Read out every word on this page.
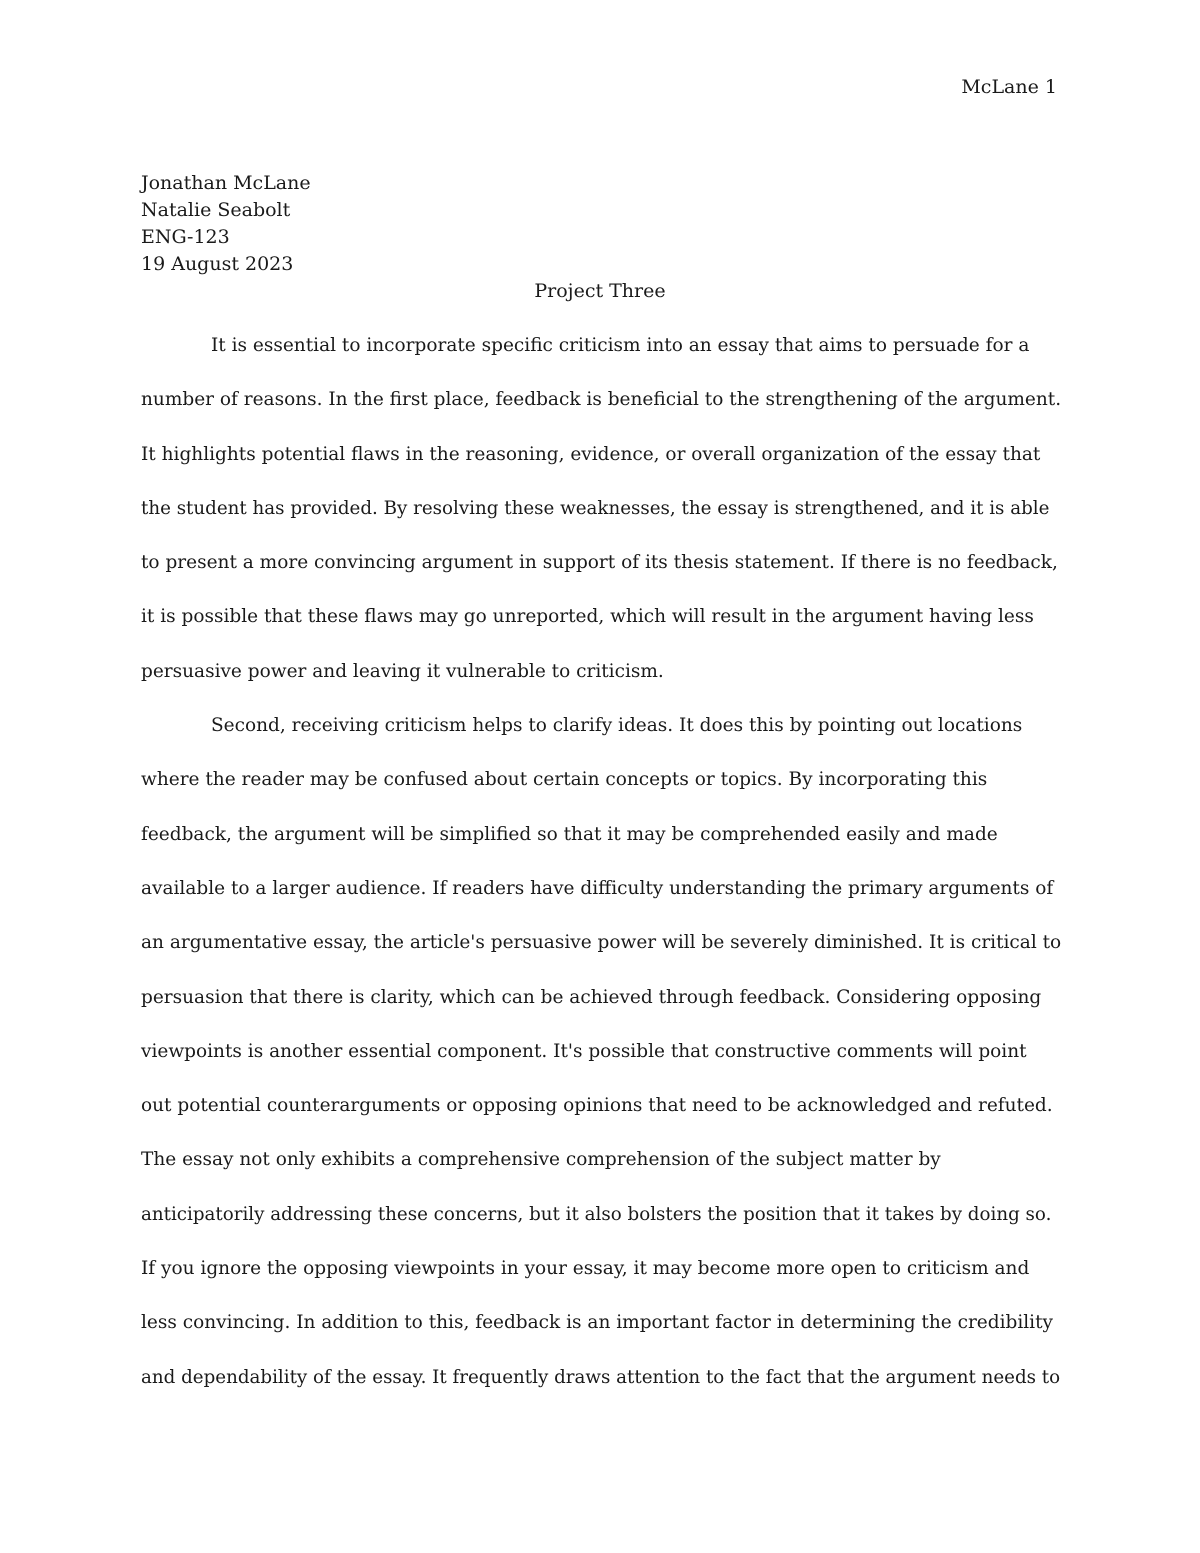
McLane 1
Jonathan McLane
Natalie Seabolt
ENG-123
19 August 2023
Project Three
It is essential to incorporate specific criticism into an essay that aims to persuade for a
number of reasons. In the first place, feedback is beneficial to the strengthening of the argument.
It highlights potential flaws in the reasoning, evidence, or overall organization of the essay that
the student has provided. By resolving these weaknesses, the essay is strengthened, and it is able
to present a more convincing argument in support of its thesis statement. If there is no feedback,
it is possible that these flaws may go unreported, which will result in the argument having less
persuasive power and leaving it vulnerable to criticism.
Second, receiving criticism helps to clarify ideas. It does this by pointing out locations
where the reader may be confused about certain concepts or topics. By incorporating this
feedback, the argument will be simplified so that it may be comprehended easily and made
available to a larger audience. If readers have difficulty understanding the primary arguments of
an argumentative essay, the article's persuasive power will be severely diminished. It is critical to
persuasion that there is clarity, which can be achieved through feedback. Considering opposing
viewpoints is another essential component. It's possible that constructive comments will point
out potential counterarguments or opposing opinions that need to be acknowledged and refuted.
The essay not only exhibits a comprehensive comprehension of the subject matter by
anticipatorily addressing these concerns, but it also bolsters the position that it takes by doing so.
If you ignore the opposing viewpoints in your essay, it may become more open to criticism and
less convincing. In addition to this, feedback is an important factor in determining the credibility
and dependability of the essay. It frequently draws attention to the fact that the argument needs to
